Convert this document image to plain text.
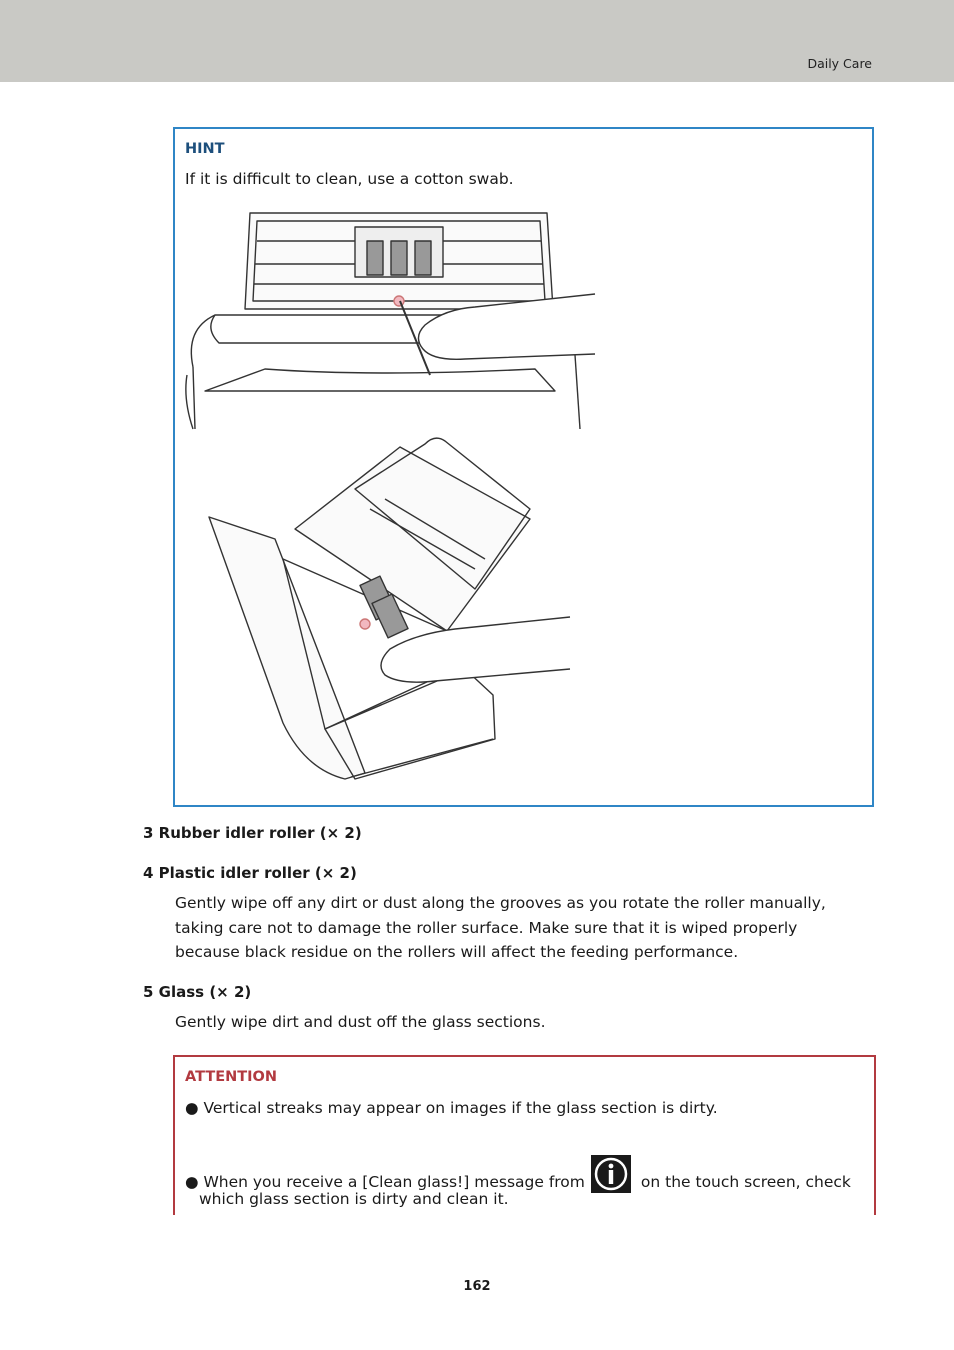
Daily Care
HINT
If it is difficult to clean, use a cotton swab.
3 Rubber idler roller (× 2)
4 Plastic idler roller (× 2)
Gently wipe off any dirt or dust along the grooves as you rotate the roller manually, taking care not to damage the roller surface. Make sure that it is wiped properly because black residue on the rollers will affect the feeding performance.
5 Glass (× 2)
Gently wipe dirt and dust off the glass sections.
ATTENTION
● Vertical streaks may appear on images if the glass section is dirty.
● When you receive a [Clean glass!] message from	on the touch screen, check
which glass section is dirty and clean it.
162
